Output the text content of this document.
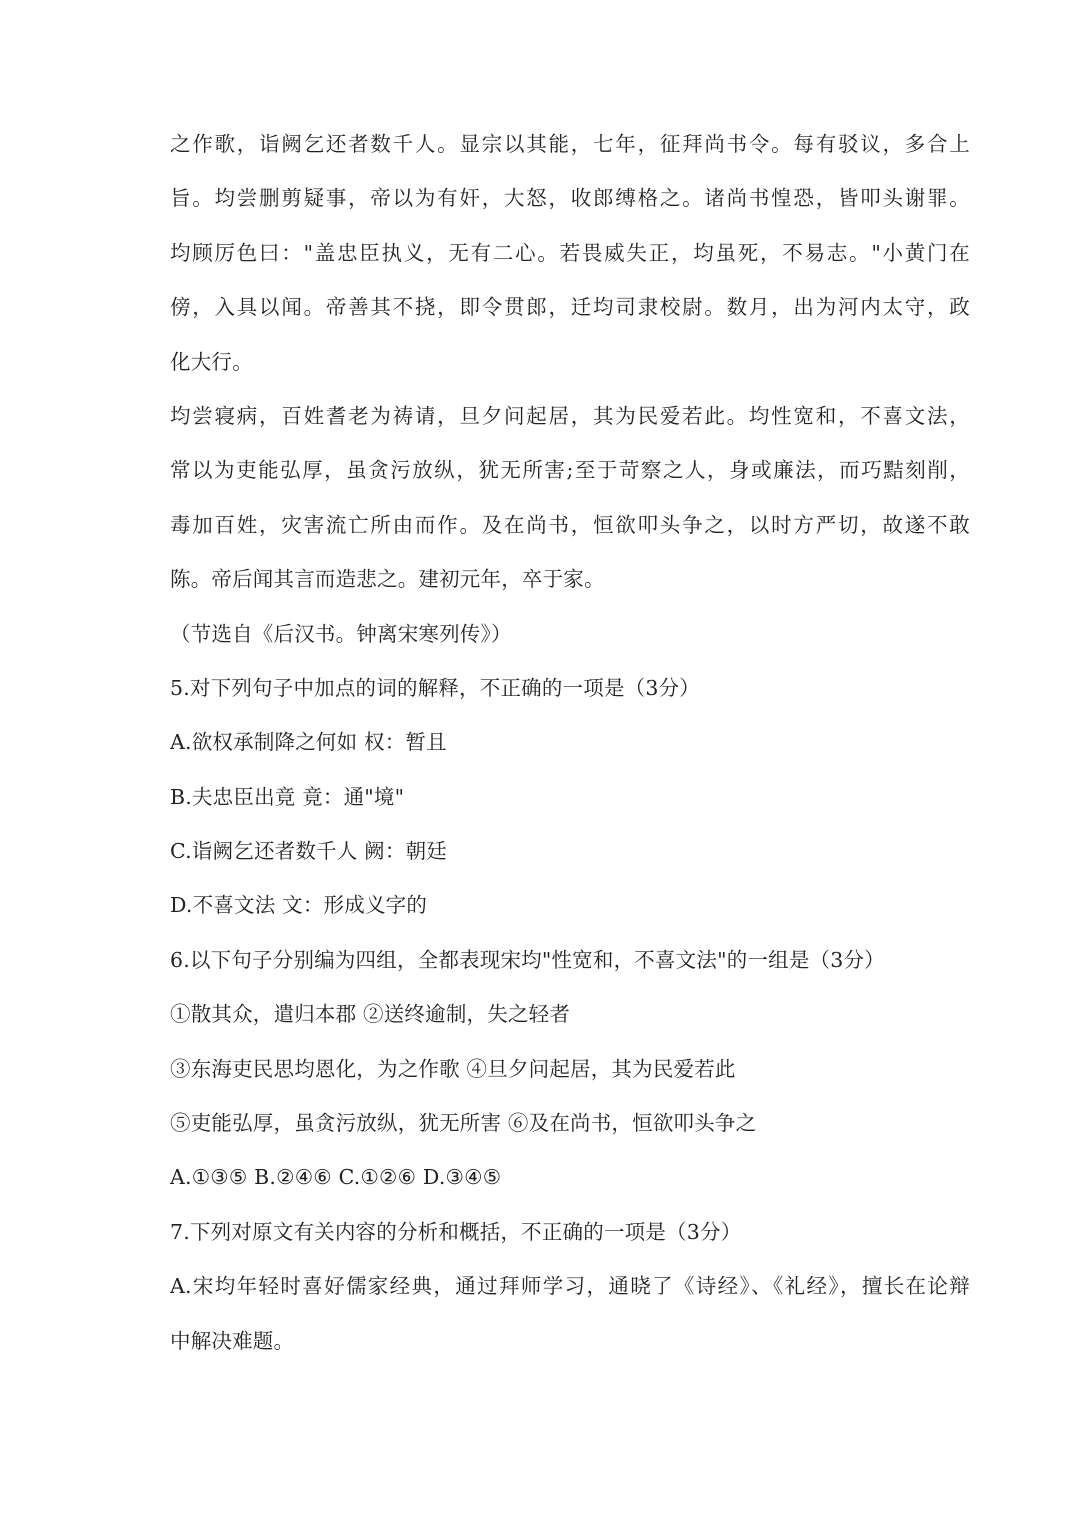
之作歌，诣阙乞还者数千人。显宗以其能，七年，征拜尚书令。每有驳议，多合上
旨。均尝删剪疑事，帝以为有奸，大怒，收郎缚格之。诸尚书惶恐，皆叩头谢罪。
均顾厉色曰："盖忠臣执义，无有二心。若畏威失正，均虽死，不易志。"小黄门在
傍，入具以闻。帝善其不挠，即令贯郎，迁均司隶校尉。数月，出为河内太守，政
化大行。
均尝寝病，百姓耆老为祷请，旦夕问起居，其为民爱若此。均性宽和，不喜文法，
常以为吏能弘厚，虽贪污放纵，犹无所害;至于苛察之人，身或廉法，而巧黠刻削，
毒加百姓，灾害流亡所由而作。及在尚书，恒欲叩头争之，以时方严切，故遂不敢
陈。帝后闻其言而造悲之。建初元年，卒于家。
（节选自《后汉书。钟离宋寒列传》）
5.对下列句子中加点的词的解释，不正确的一项是（3分）
A.欲权承制降之何如 权：暂且
B.夫忠臣出竟 竟：通"境"
C.诣阙乞还者数千人 阙：朝廷
D.不喜文法 文：形成义字的
6.以下句子分别编为四组，全都表现宋均"性宽和，不喜文法"的一组是（3分）
①散其众，遣归本郡 ②送终逾制，失之轻者
③东海吏民思均恩化，为之作歌 ④旦夕问起居，其为民爱若此
⑤吏能弘厚，虽贪污放纵，犹无所害 ⑥及在尚书，恒欲叩头争之
A.①③⑤ B.②④⑥ C.①②⑥ D.③④⑤
7.下列对原文有关内容的分析和概括，不正确的一项是（3分）
A.宋均年轻时喜好儒家经典，通过拜师学习，通晓了《诗经》、《礼经》，擅长在论辩
中解决难题。
